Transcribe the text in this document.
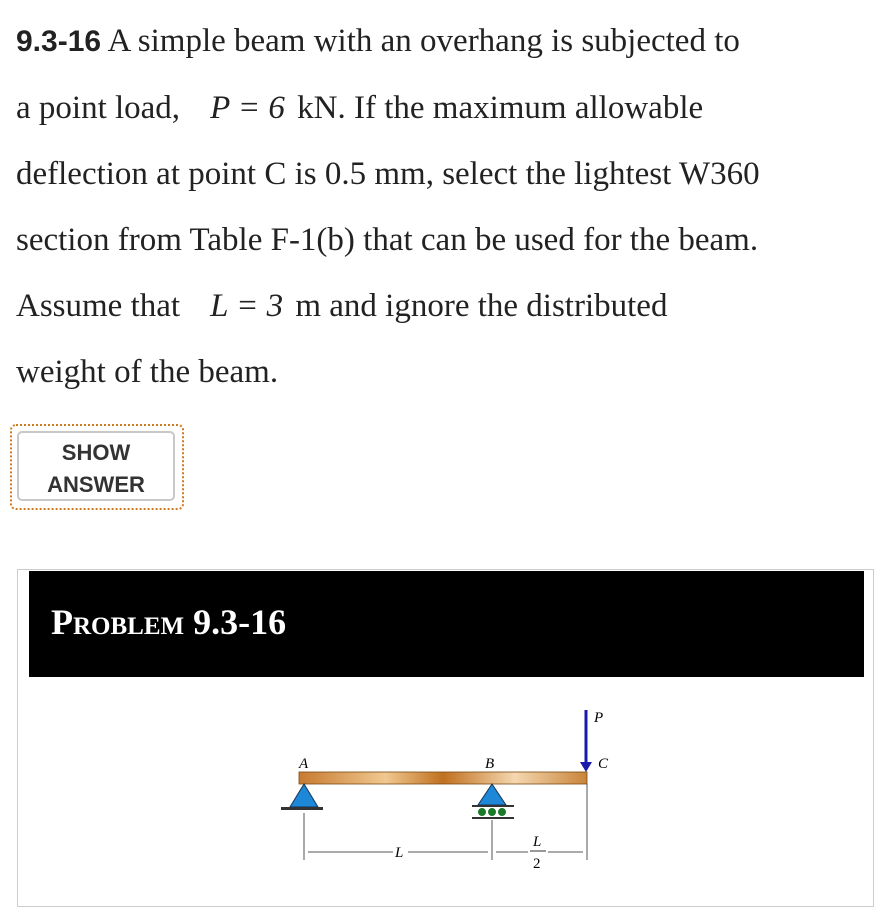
9.3-16 A simple beam with an overhang is subjected to
a point load, P = 6 kN. If the maximum allowable
deflection at point C is 0.5 mm, select the lightest W360
section from Table F-1(b) that can be used for the beam.
Assume that L = 3 m and ignore the distributed
weight of the beam.
SHOW
ANSWER
Problem 9.3-16
A	B	C
P
L
L
2
